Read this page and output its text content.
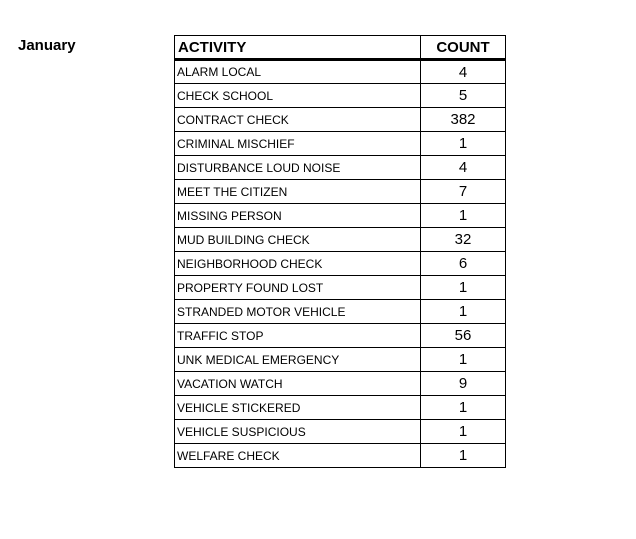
January	ACTIVITY	COUNT
ALARM LOCAL	4
CHECK SCHOOL	5
CONTRACT CHECK	382
CRIMINAL MISCHIEF	1
DISTURBANCE LOUD NOISE	4
MEET THE CITIZEN	7
MISSING PERSON	1
MUD BUILDING CHECK	32
NEIGHBORHOOD CHECK	6
PROPERTY FOUND LOST	1
STRANDED MOTOR VEHICLE	1
TRAFFIC STOP	56
UNK MEDICAL EMERGENCY	1
VACATION WATCH	9
VEHICLE STICKERED	1
VEHICLE SUSPICIOUS	1
WELFARE CHECK	1
